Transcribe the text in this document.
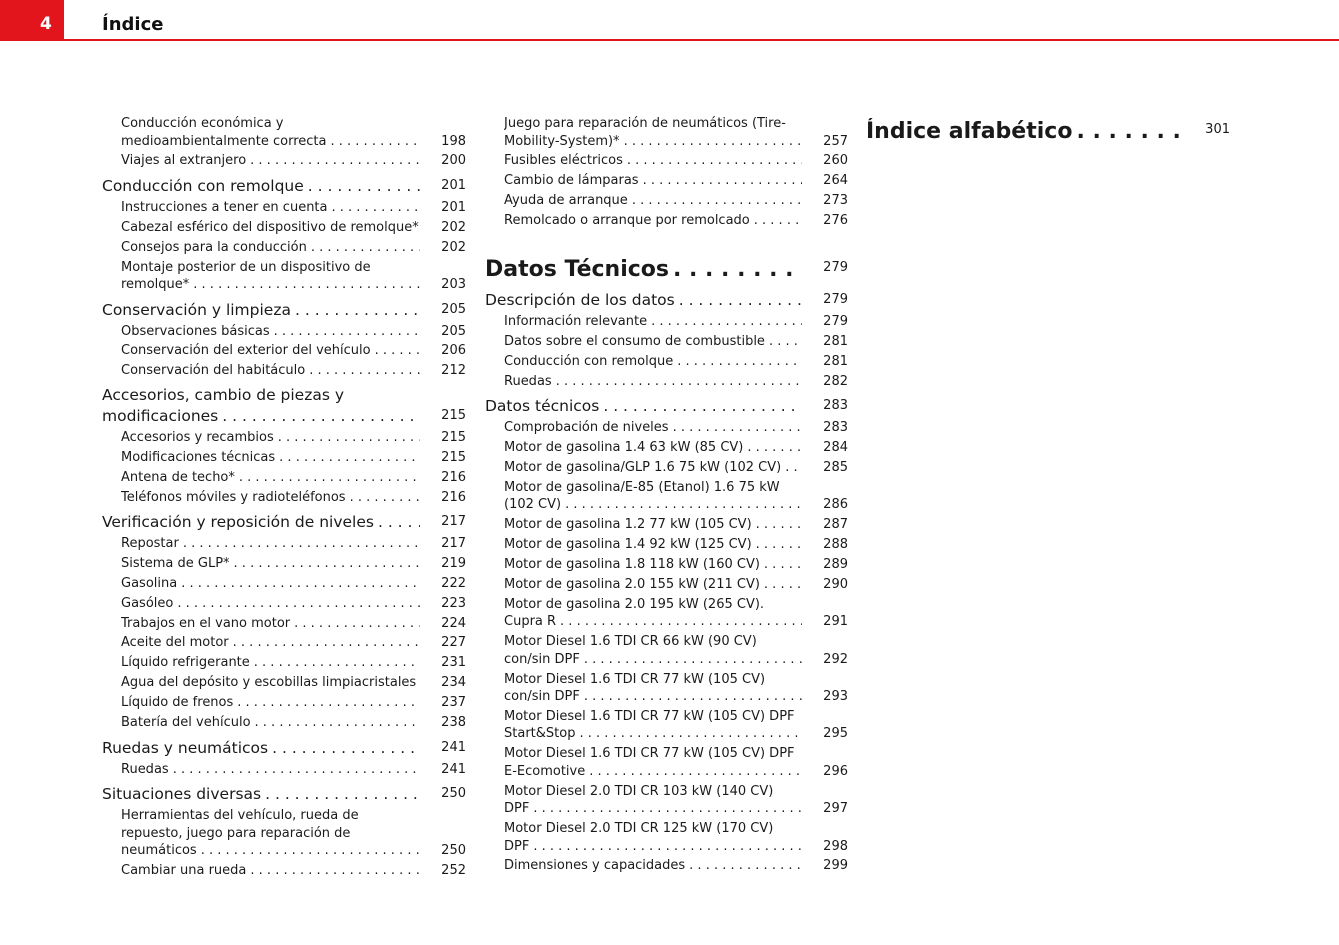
4	Índice
Conducción económica y medioambientalmente correcta . . .	198
Viajes al extranjero . . .	200
Conducción con remolque . . .	201
Instrucciones a tener en cuenta . . .	201
Cabezal esférico del dispositivo de remolque* . . .	202
Consejos para la conducción . . .	202
Montaje posterior de un dispositivo de remolque* . . .	203
Conservación y limpieza . . .	205
Observaciones básicas . . .	205
Conservación del exterior del vehículo . . .	206
Conservación del habitáculo . . .	212
Accesorios, cambio de piezas y modificaciones . . .	215
Accesorios y recambios . . .	215
Modificaciones técnicas . . .	215
Antena de techo* . . .	216
Teléfonos móviles y radioteléfonos . . .	216
Verificación y reposición de niveles . . .	217
Repostar . . .	217
Sistema de GLP* . . .	219
Gasolina . . .	222
Gasóleo . . .	223
Trabajos en el vano motor . . .	224
Aceite del motor . . .	227
Líquido refrigerante . . .	231
Agua del depósito y escobillas limpiacristales . . .	234
Líquido de frenos . . .	237
Batería del vehículo . . .	238
Ruedas y neumáticos . . .	241
Ruedas . . .	241
Situaciones diversas . . .	250
Herramientas del vehículo, rueda de repuesto, juego para reparación de neumáticos . . .	250
Cambiar una rueda . . .	252
Juego para reparación de neumáticos (Tire-Mobility-System)* . . .	257
Fusibles eléctricos . . .	260
Cambio de lámparas . . .	264
Ayuda de arranque . . .	273
Remolcado o arranque por remolcado . . .	276
Datos Técnicos . . .	279
Descripción de los datos . . .	279
Información relevante . . .	279
Datos sobre el consumo de combustible . . .	281
Conducción con remolque . . .	281
Ruedas . . .	282
Datos técnicos . . .	283
Comprobación de niveles . . .	283
Motor de gasolina 1.4 63 kW (85 CV) . . .	284
Motor de gasolina/GLP 1.6 75 kW (102 CV) . . .	285
Motor de gasolina/E-85 (Etanol) 1.6 75 kW (102 CV) . . .	286
Motor de gasolina 1.2 77 kW (105 CV) . . .	287
Motor de gasolina 1.4 92 kW (125 CV) . . .	288
Motor de gasolina 1.8 118 kW (160 CV) . . .	289
Motor de gasolina 2.0 155 kW (211 CV) . . .	290
Motor de gasolina 2.0 195 kW (265 CV). Cupra R . . .	291
Motor Diesel 1.6 TDI CR 66 kW (90 CV) con/sin DPF . . .	292
Motor Diesel 1.6 TDI CR 77 kW (105 CV) con/sin DPF . . .	293
Motor Diesel 1.6 TDI CR 77 kW (105 CV) DPF Start&Stop . . .	295
Motor Diesel 1.6 TDI CR 77 kW (105 CV) DPF E-Ecomotive . . .	296
Motor Diesel 2.0 TDI CR 103 kW (140 CV) DPF . . .	297
Motor Diesel 2.0 TDI CR 125 kW (170 CV) DPF . . .	298
Dimensiones y capacidades . . .	299
Índice alfabético . . .	301
